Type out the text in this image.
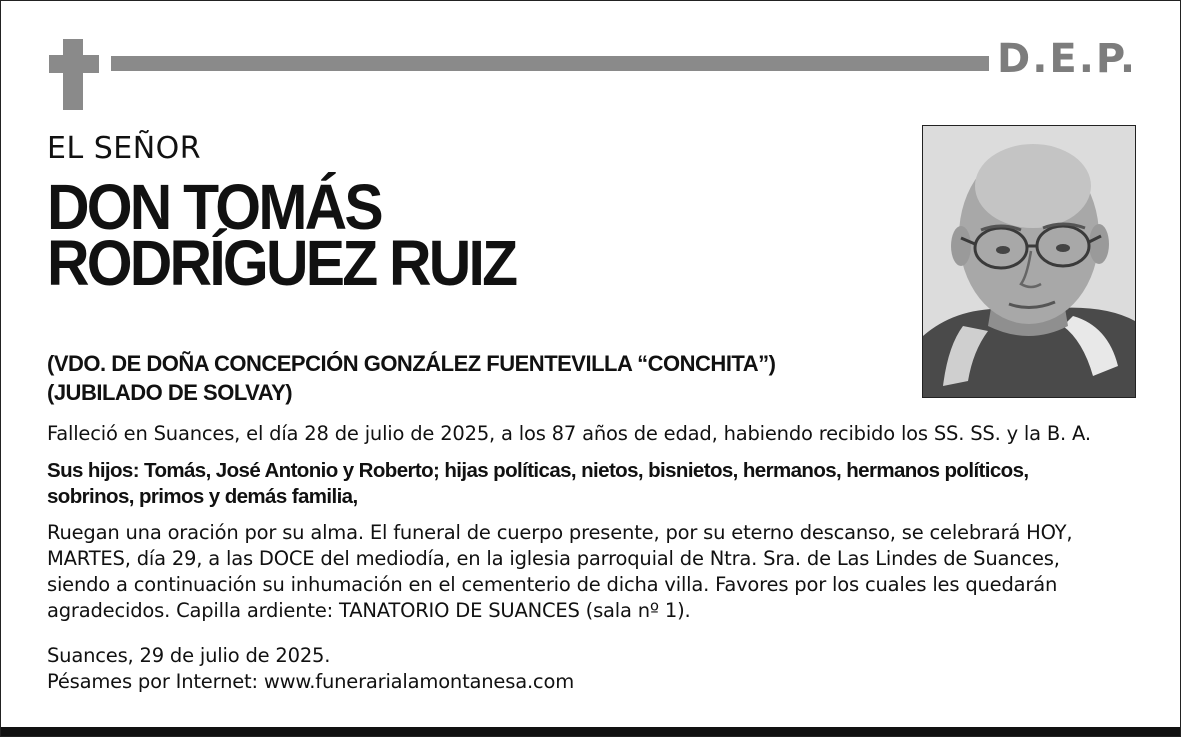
D.E.P.
EL SEÑOR
DON TOMÁS
RODRÍGUEZ RUIZ
(VDO. DE DOÑA CONCEPCIÓN GONZÁLEZ FUENTEVILLA “CONCHITA”)
(JUBILADO DE SOLVAY)
Falleció en Suances, el día 28 de julio de 2025, a los 87 años de edad, habiendo recibido los SS. SS. y la B. A.
Sus hijos: Tomás, José Antonio y Roberto; hijas políticas, nietos, bisnietos, hermanos, hermanos políticos,
sobrinos, primos y demás familia,
Ruegan una oración por su alma. El funeral de cuerpo presente, por su eterno descanso, se celebrará HOY,
MARTES, día 29, a las DOCE del mediodía, en la iglesia parroquial de Ntra. Sra. de Las Lindes de Suances,
siendo a continuación su inhumación en el cementerio de dicha villa. Favores por los cuales les quedarán
agradecidos. Capilla ardiente: TANATORIO DE SUANCES (sala nº 1).
Suances, 29 de julio de 2025.
Pésames por Internet: www.funerarialamontanesa.com
